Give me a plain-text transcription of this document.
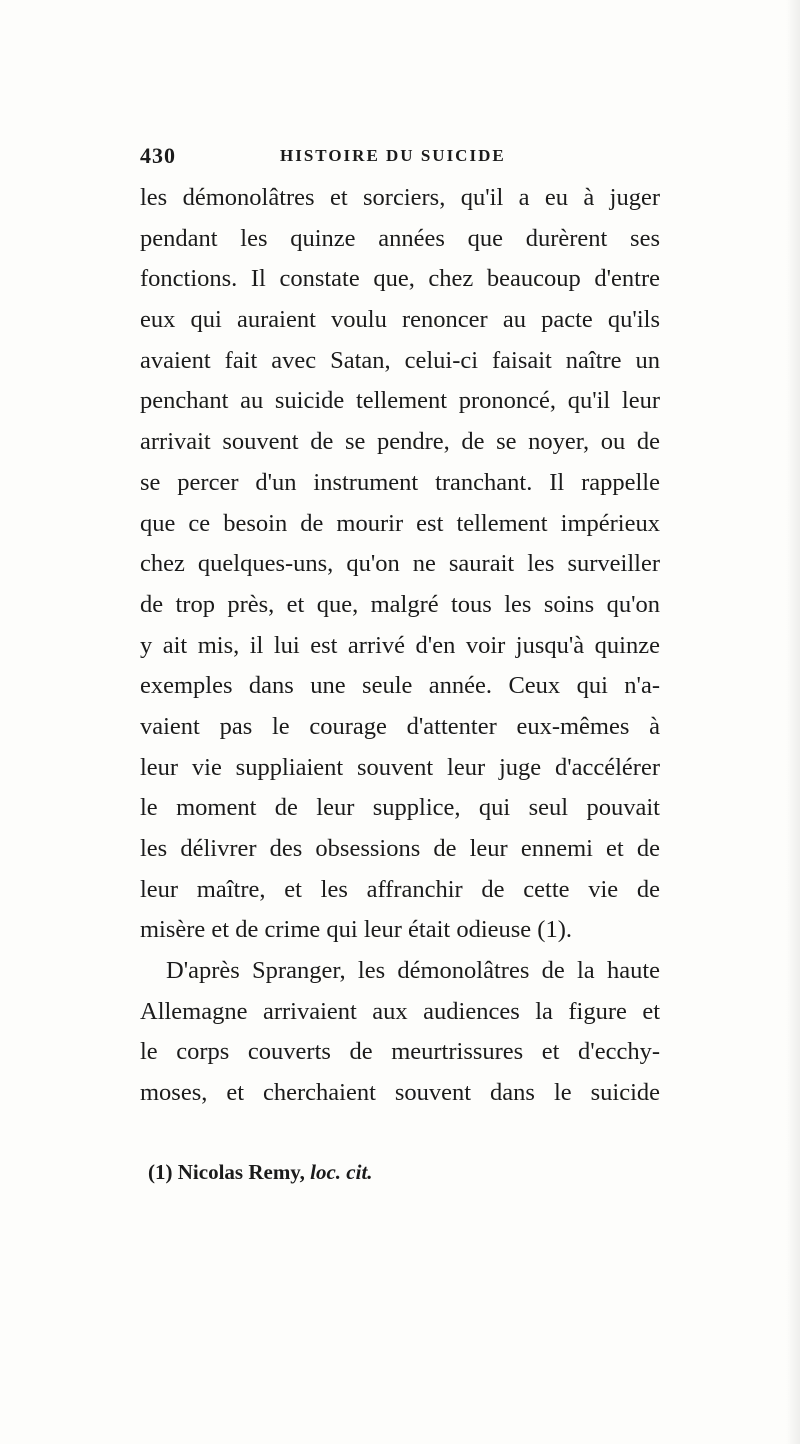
430	HISTOIRE DU SUICIDE
les démonolâtres et sorciers, qu'il a eu à juger
pendant les quinze années que durèrent ses
fonctions. Il constate que, chez beaucoup d'entre
eux qui auraient voulu renoncer au pacte qu'ils
avaient fait avec Satan, celui-ci faisait naître un
penchant au suicide tellement prononcé, qu'il leur
arrivait souvent de se pendre, de se noyer, ou de
se percer d'un instrument tranchant. Il rappelle
que ce besoin de mourir est tellement impérieux
chez quelques-uns, qu'on ne saurait les surveiller
de trop près, et que, malgré tous les soins qu'on
y ait mis, il lui est arrivé d'en voir jusqu'à quinze
exemples dans une seule année. Ceux qui n'a-
vaient pas le courage d'attenter eux-mêmes à
leur vie suppliaient souvent leur juge d'accélérer
le moment de leur supplice, qui seul pouvait
les délivrer des obsessions de leur ennemi et de
leur maître, et les affranchir de cette vie de
misère et de crime qui leur était odieuse (1).
D'après Spranger, les démonolâtres de la haute
Allemagne arrivaient aux audiences la figure et
le corps couverts de meurtrissures et d'ecchy-
moses, et cherchaient souvent dans le suicide
(1) Nicolas Remy, loc. cit.
